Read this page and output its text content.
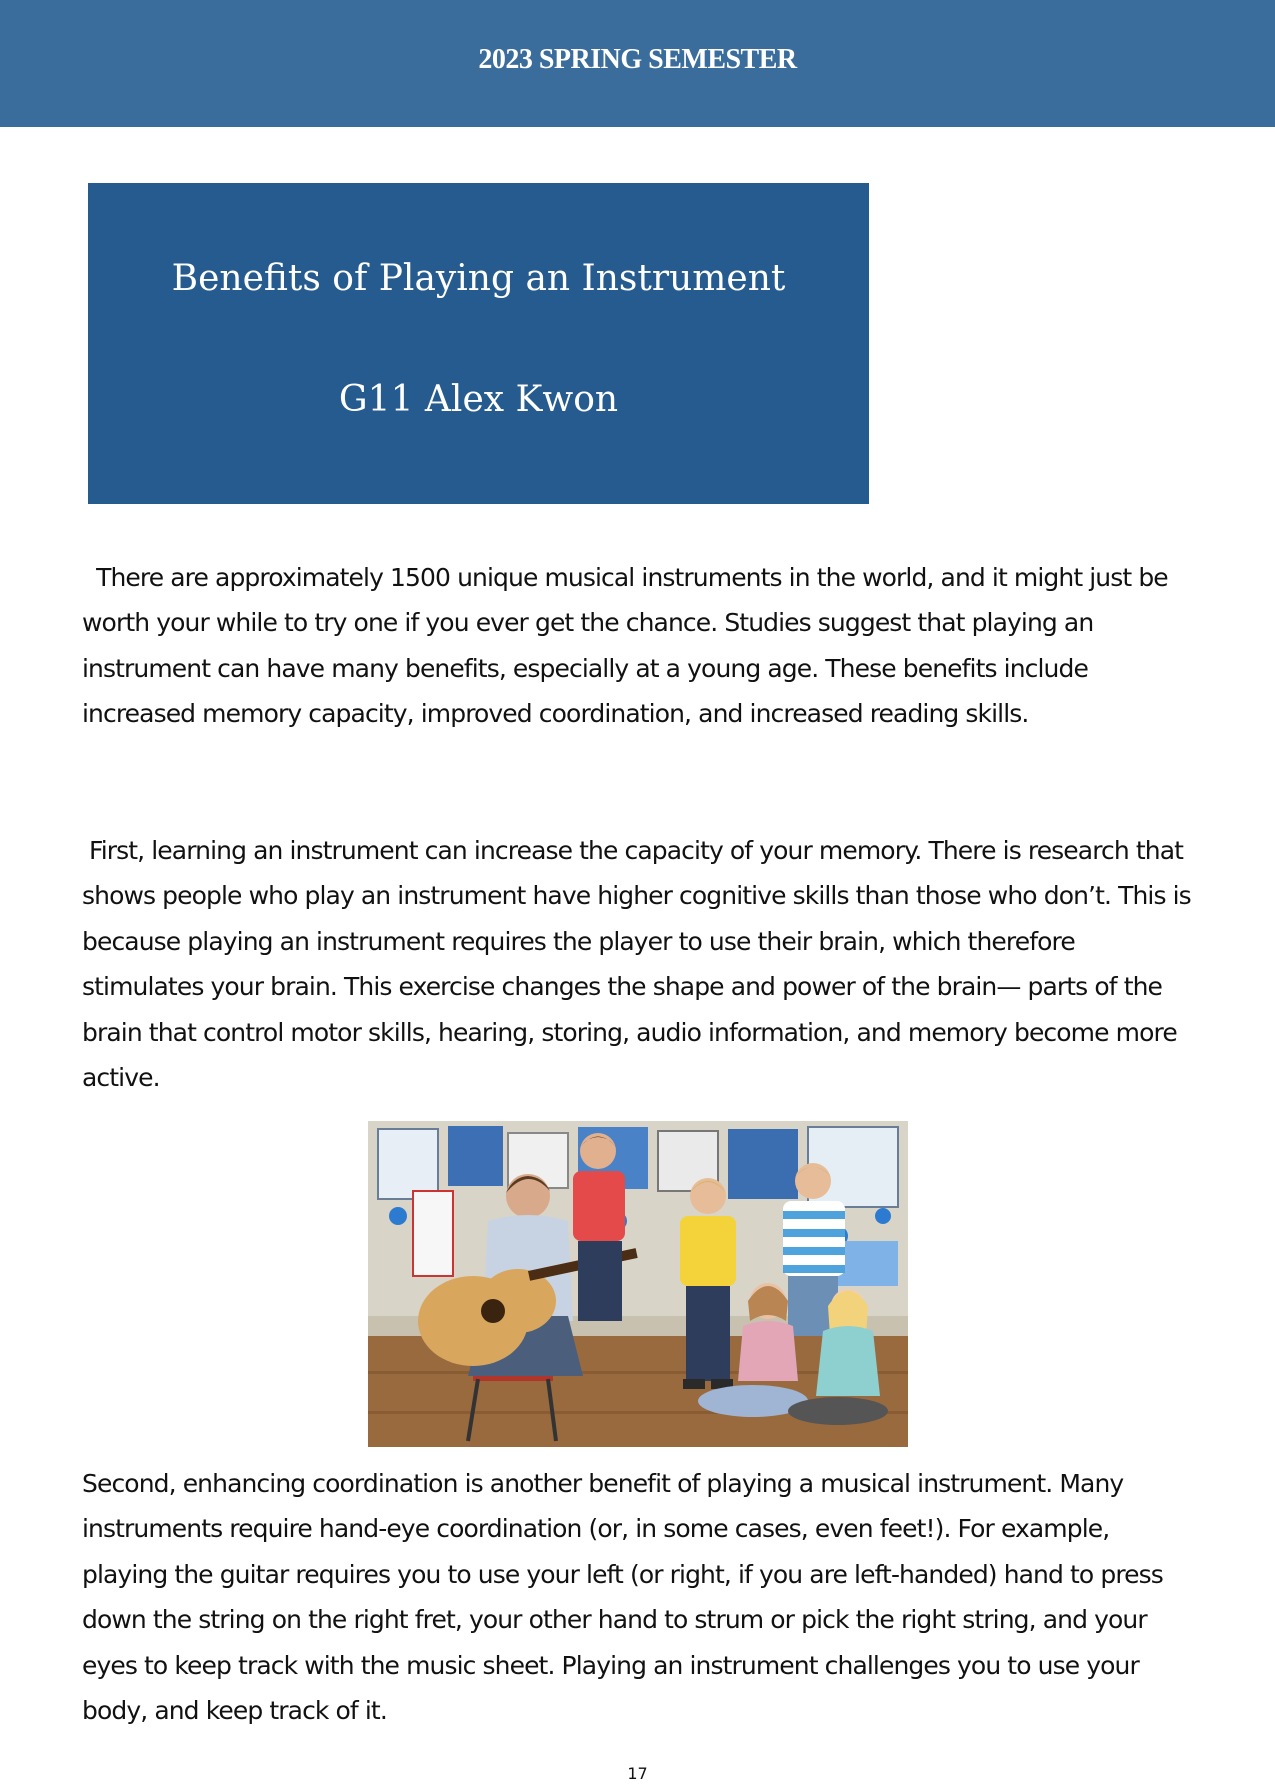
2023 SPRING SEMESTER
Benefits of Playing an Instrument
G11 Alex Kwon

There are approximately 1500 unique musical instruments in the world, and it might just be worth your while to try one if you ever get the chance. Studies suggest that playing an instrument can have many benefits, especially at a young age. These benefits include increased memory capacity, improved coordination, and increased reading skills.

First, learning an instrument can increase the capacity of your memory. There is research that shows people who play an instrument have higher cognitive skills than those who don’t. This is because playing an instrument requires the player to use their brain, which therefore stimulates your brain. This exercise changes the shape and power of the brain— parts of the brain that control motor skills, hearing, storing, audio information, and memory become more active.

Second, enhancing coordination is another benefit of playing a musical instrument. Many instruments require hand-eye coordination (or, in some cases, even feet!). For example, playing the guitar requires you to use your left (or right, if you are left-handed) hand to press down the string on the right fret, your other hand to strum or pick the right string, and your eyes to keep track with the music sheet. Playing an instrument challenges you to use your body, and keep track of it.

17
